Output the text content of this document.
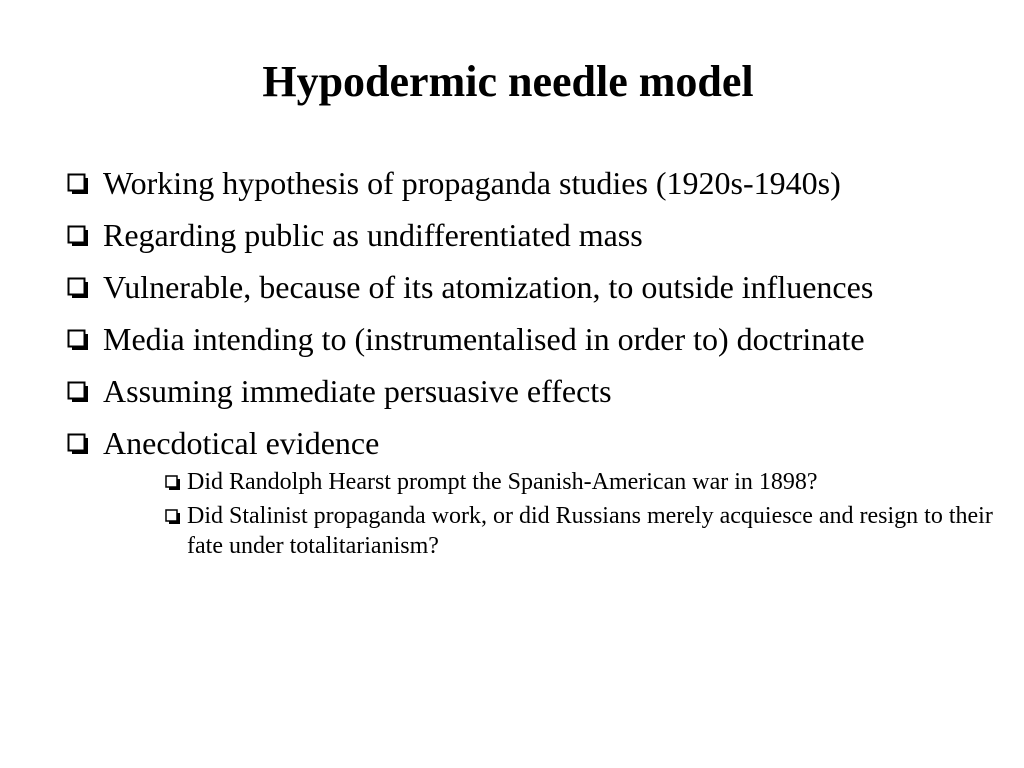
Hypodermic needle model
Working hypothesis of propaganda studies (1920s-1940s)
Regarding public as undifferentiated mass
Vulnerable, because of its atomization, to outside influences
Media intending to (instrumentalised in order to) doctrinate
Assuming immediate persuasive effects
Anecdotical evidence
Did Randolph Hearst prompt the Spanish-American war in 1898?
Did Stalinist propaganda work, or did Russians merely acquiesce and resign to their fate under totalitarianism?
